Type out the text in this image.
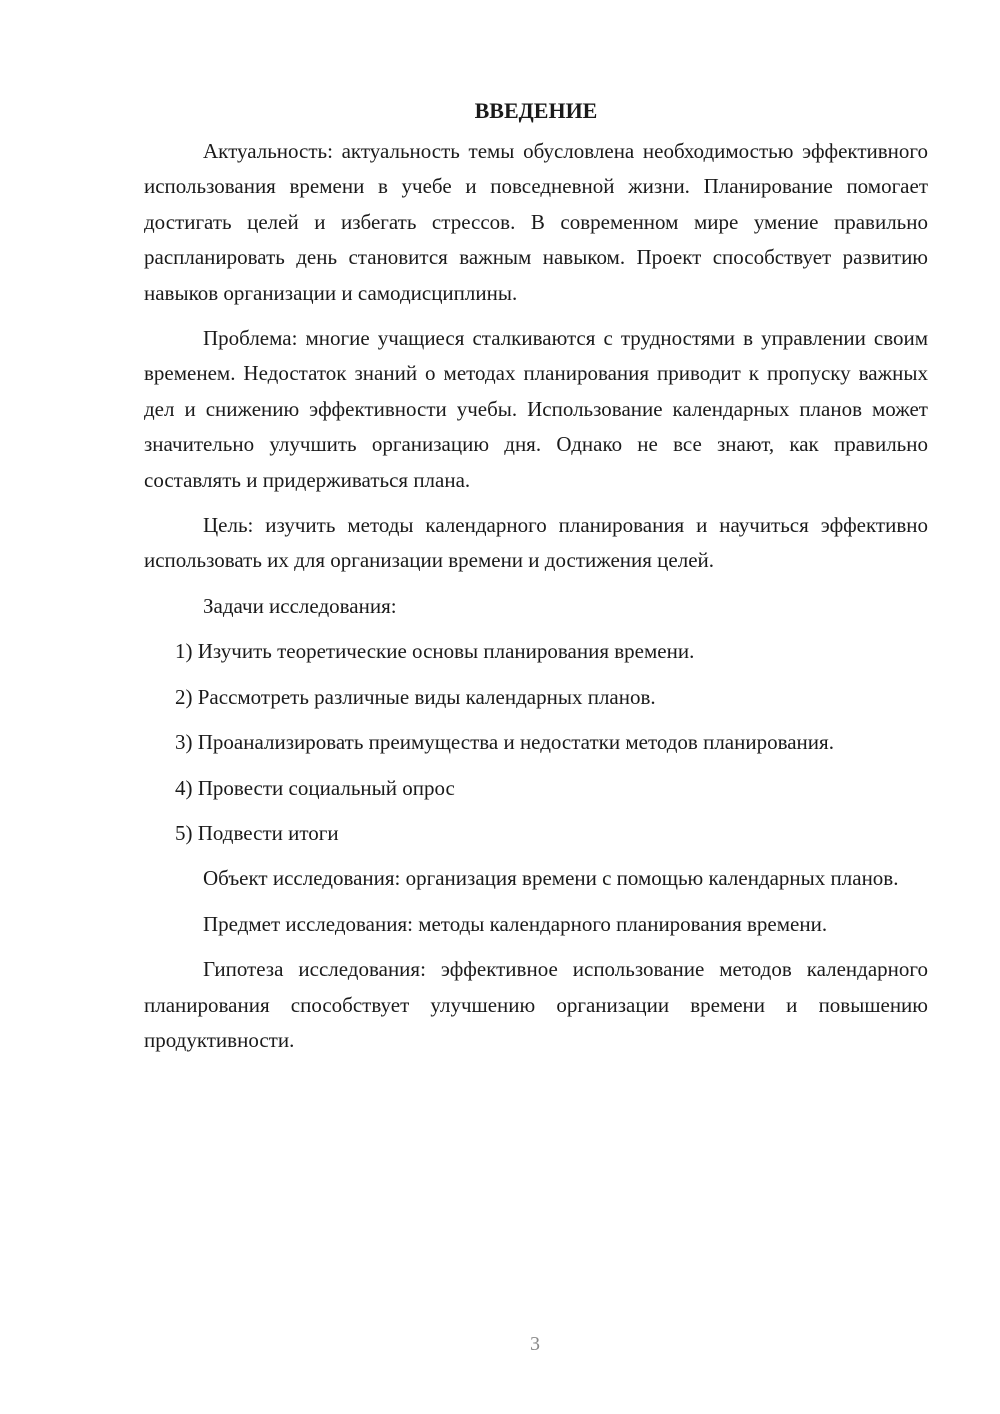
ВВЕДЕНИЕ

Актуальность: актуальность темы обусловлена необходимостью эффективного использования времени в учебе и повседневной жизни. Планирование помогает достигать целей и избегать стрессов. В современном мире умение правильно распланировать день становится важным навыком. Проект способствует развитию навыков организации и самодисциплины.

Проблема: многие учащиеся сталкиваются с трудностями в управлении своим временем. Недостаток знаний о методах планирования приводит к пропуску важных дел и снижению эффективности учебы. Использование календарных планов может значительно улучшить организацию дня. Однако не все знают, как правильно составлять и придерживаться плана.

Цель: изучить методы календарного планирования и научиться эффективно использовать их для организации времени и достижения целей.

Задачи исследования:

1) Изучить теоретические основы планирования времени.

2) Рассмотреть различные виды календарных планов.

3) Проанализировать преимущества и недостатки методов планирования.

4) Провести социальный опрос

5) Подвести итоги

Объект исследования: организация времени с помощью календарных планов.

Предмет исследования: методы календарного планирования времени.

Гипотеза исследования: эффективное использование методов календарного планирования способствует улучшению организации времени и повышению продуктивности.

3
